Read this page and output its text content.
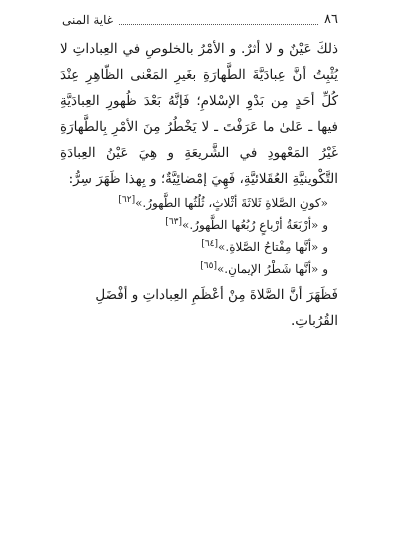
٨٦
غاية المنى

ذلكَ عَيْنٌ و لا أثرٌ. و الأمْرُ بالخلوصِ في العِباداتِ لا يُثْبِتُ أنَّ عِبادَيَّةَ الطَّهارَةِ بغَيرِ المَعْنى الظّاهِرِ عِنْدَ كُلِّ أحَدٍ مِن بَدْوِ الإسْلامِ؛ فَإنَّهُ بَعْدَ ظُهورِ العِبادَيَّةِ فيها ـ عَلىٰ ما عَرَفْتَ ـ لا يَخْطُرُ مِنَ الأمْرِ بِالطَّهارَةِ غَيْرُ المَعْهودِ في الشَّريعَةِ و هِيَ عَيْنُ العِبادَةِ التَّكْوينيَّةِ العُقَلائيَّةِ، فَهِيَ إمْضائِيَّةٌ؛ و بِهذا ظَهَرَ سِرُّ:

«كونِ الصَّلاةِ ثَلاثَةَ أثْلاثٍ، ثُلُثُها الطَّهورُ.»[٦٢]
و «أرْبَعَةُ أرْباعٍ رُبُعُها الطَّهورُ.»[٦٣]
و «أنَّها مِفْتاحُ الصَّلاةِ.»[٦٤]
و «أنَّها شَطْرُ الإيمانِ.»[٦٥]

فَظَهَرَ أنَّ الصَّلاةَ مِنْ أعْظَمِ العِباداتِ و أفْضَلِ القُرُباتِ.
